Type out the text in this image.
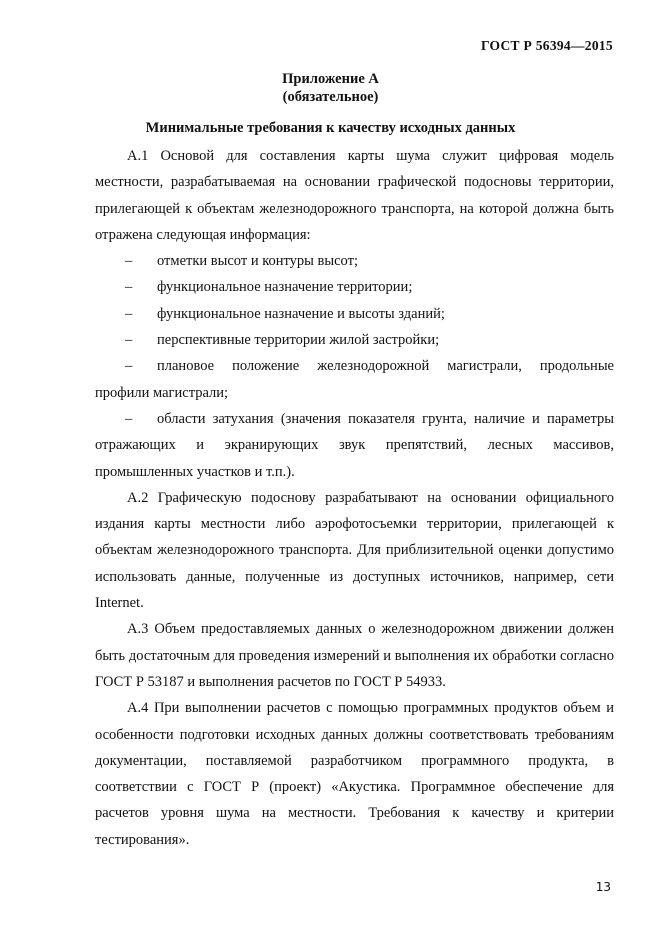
ГОСТ Р 56394—2015
Приложение А
(обязательное)
Минимальные требования к качеству исходных данных

А.1 Основой для составления карты шума служит цифровая модель местности, разрабатываемая на основании графической подосновы территории, прилегающей к объектам железнодорожного транспорта, на которой должна быть отражена следующая информация:

– отметки высот и контуры высот;
– функциональное назначение территории;
– функциональное назначение и высоты зданий;
– перспективные территории жилой застройки;
– плановое положение железнодорожной магистрали, продольные профили магистрали;
– области затухания (значения показателя грунта, наличие и параметры отражающих и экранирующих звук препятствий, лесных массивов, промышленных участков и т.п.).

А.2 Графическую подоснову разрабатывают на основании официального издания карты местности либо аэрофотосъемки территории, прилегающей к объектам железнодорожного транспорта. Для приблизительной оценки допустимо использовать данные, полученные из доступных источников, например, сети Internet.

А.3 Объем предоставляемых данных о железнодорожном движении должен быть достаточным для проведения измерений и выполнения их обработки согласно ГОСТ Р 53187 и выполнения расчетов по ГОСТ Р 54933.

А.4 При выполнении расчетов с помощью программных продуктов объем и особенности подготовки исходных данных должны соответствовать требованиям документации, поставляемой разработчиком программного продукта, в соответствии с ГОСТ Р (проект) «Акустика. Программное обеспечение для расчетов уровня шума на местности. Требования к качеству и критерии тестирования».

13
